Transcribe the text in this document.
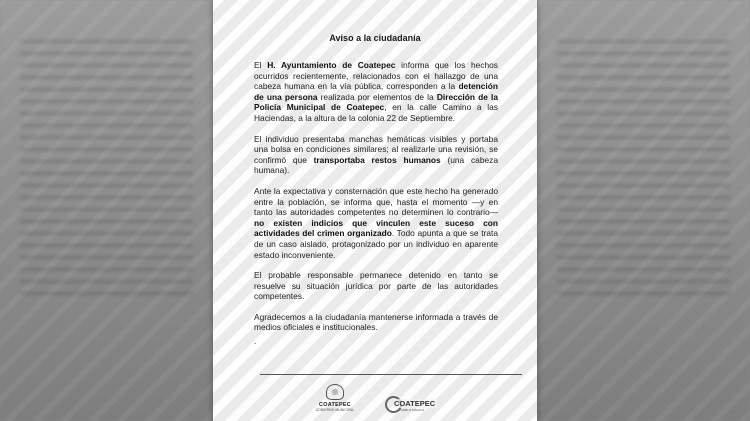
Aviso a la ciudadanía

El H. Ayuntamiento de Coatepec informa que los hechos ocurridos recientemente, relacionados con el hallazgo de una cabeza humana en la vía pública, corresponden a la detención de una persona realizada por elementos de la Dirección de la Policía Municipal de Coatepec, en la calle Camino a las Haciendas, a la altura de la colonia 22 de Septiembre.

El individuo presentaba manchas hemáticas visibles y portaba una bolsa en condiciones similares; al realizarle una revisión, se confirmó que transportaba restos humanos (una cabeza humana).

Ante la expectativa y consternación que este hecho ha generado entre la población, se informa que, hasta el momento —y en tanto las autoridades competentes no determinen lo contrario— no existen indicios que vinculen este suceso con actividades del crimen organizado. Todo apunta a que se trata de un caso aislado, protagonizado por un individuo en aparente estado inconveniente.

El probable responsable permanece detenido en tanto se resuelve su situación jurídica por parte de las autoridades competentes.

Agradecemos a la ciudadanía mantenerse informada a través de medios oficiales e institucionales.

.
COATEPEC
GOBIERNO MUNICIPAL
COATEPEC
PUEBLO MÁGICO
